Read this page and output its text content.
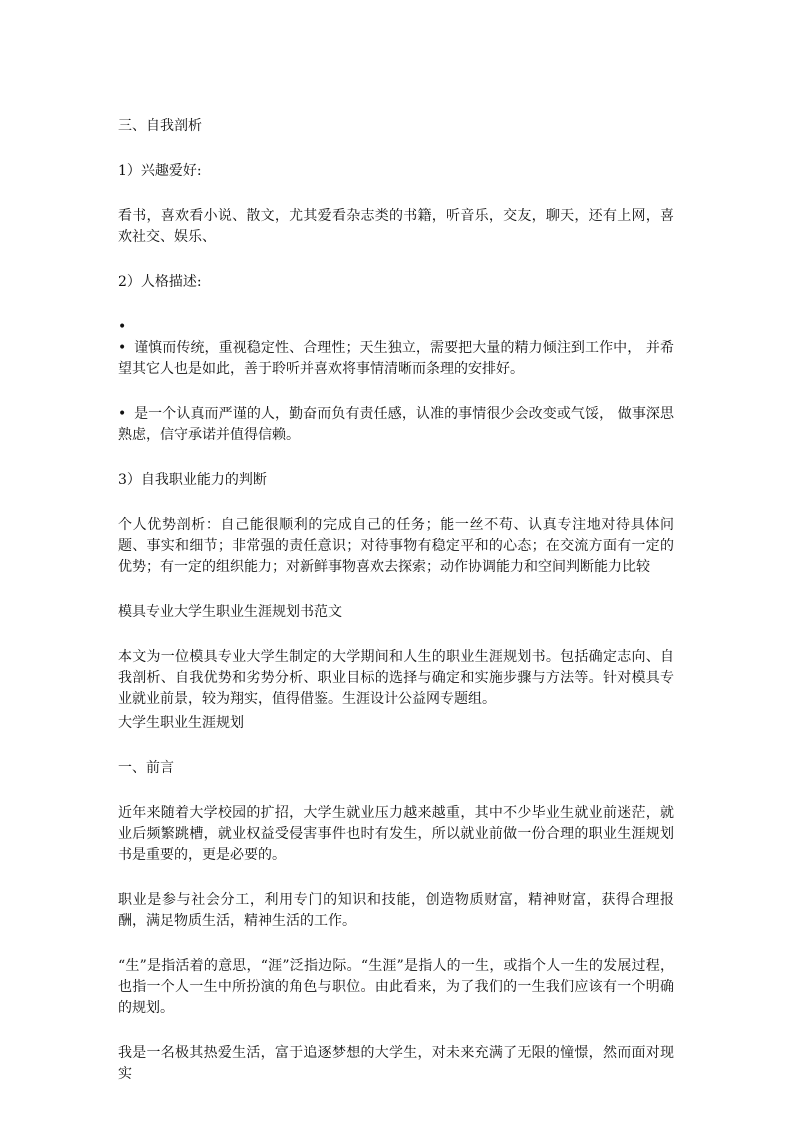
三、自我剖析

1）兴趣爱好:

看书，喜欢看小说、散文，尤其爱看杂志类的书籍，听音乐，交友，聊天，还有上网，喜欢社交、娱乐、

2）人格描述:

•

• 谨慎而传统，重视稳定性、合理性；天生独立，需要把大量的精力倾注到工作中， 并希望其它人也是如此，善于聆听并喜欢将事情清晰而条理的安排好。

• 是一个认真而严谨的人，勤奋而负有责任感，认准的事情很少会改变或气馁， 做事深思熟虑，信守承诺并值得信赖。

3）自我职业能力的判断

个人优势剖析：自己能很顺利的完成自己的任务；能一丝不苟、认真专注地对待具体问题、事实和细节；非常强的责任意识；对待事物有稳定平和的心态；在交流方面有一定的优势；有一定的组织能力；对新鲜事物喜欢去探索；动作协调能力和空间判断能力比较

模具专业大学生职业生涯规划书范文

本文为一位模具专业大学生制定的大学期间和人生的职业生涯规划书。包括确定志向、自我剖析、自我优势和劣势分析、职业目标的选择与确定和实施步骤与方法等。针对模具专业就业前景，较为翔实，值得借鉴。生涯设计公益网专题组。

大学生职业生涯规划

一、前言

近年来随着大学校园的扩招，大学生就业压力越来越重，其中不少毕业生就业前迷茫，就业后频繁跳槽，就业权益受侵害事件也时有发生，所以就业前做一份合理的职业生涯规划书是重要的，更是必要的。

职业是参与社会分工，利用专门的知识和技能，创造物质财富，精神财富，获得合理报酬，满足物质生活，精神生活的工作。

“生”是指活着的意思，“涯”泛指边际。“生涯”是指人的一生，或指个人一生的发展过程，也指一个人一生中所扮演的角色与职位。由此看来，为了我们的一生我们应该有一个明确的规划。

我是一名极其热爱生活，富于追逐梦想的大学生，对未来充满了无限的憧憬，然而面对现实
